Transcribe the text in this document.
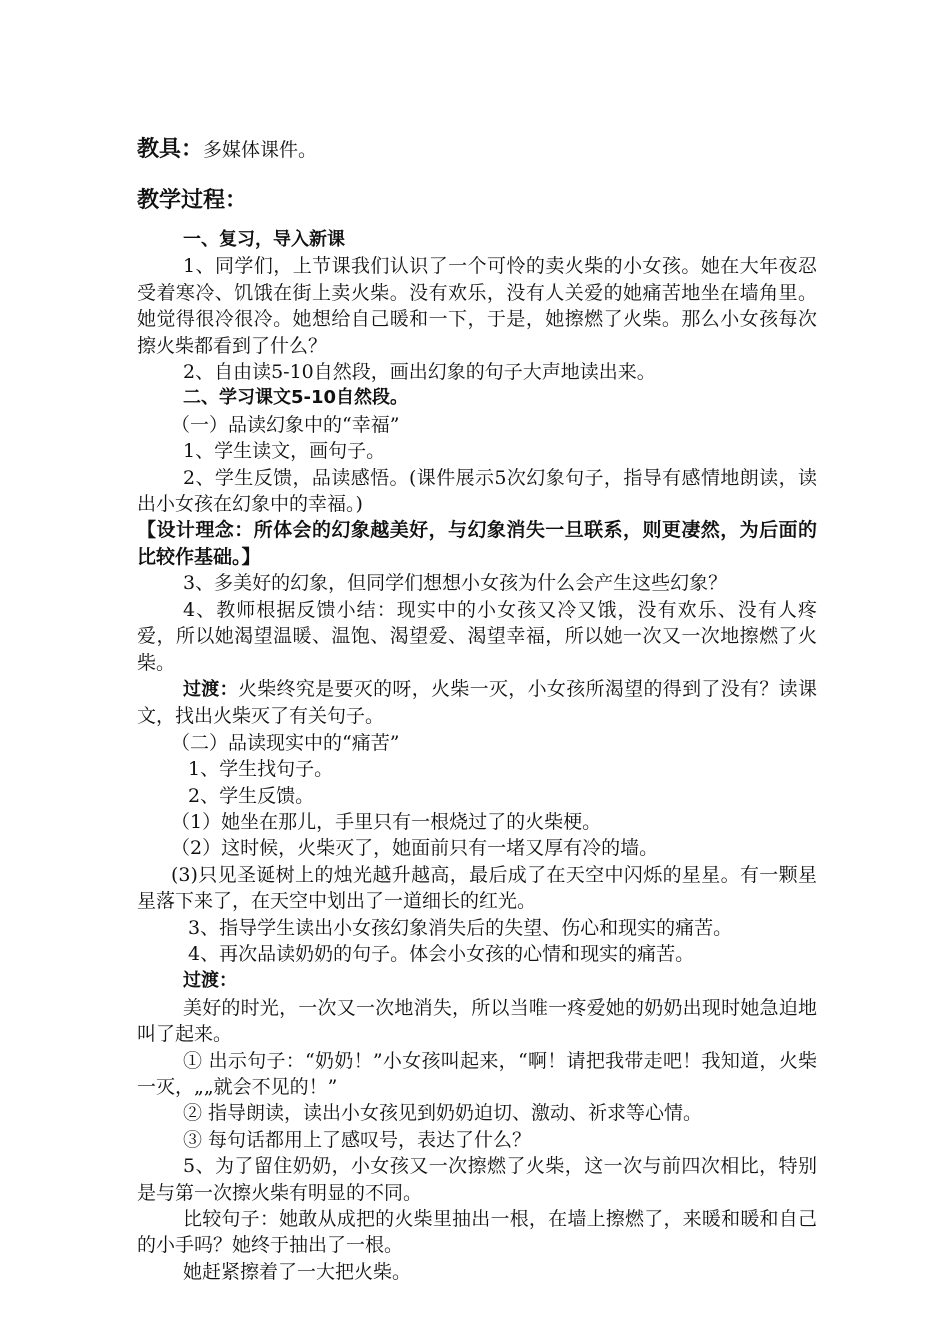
教具：多媒体课件。
教学过程：

一、复习，导入新课

1、同学们，上节课我们认识了一个可怜的卖火柴的小女孩。她在大年夜忍受着寒冷、饥饿在街上卖火柴。没有欢乐，没有人关爱的她痛苦地坐在墙角里。她觉得很冷很冷。她想给自己暖和一下，于是，她擦燃了火柴。那么小女孩每次擦火柴都看到了什么？

2、自由读5-10自然段，画出幻象的句子大声地读出来。

二、学习课文5-10自然段。

（一）品读幻象中的“幸福”

1、学生读文，画句子。

2、学生反馈，品读感悟。(课件展示5次幻象句子，指导有感情地朗读，读出小女孩在幻象中的幸福。)

【设计理念：所体会的幻象越美好，与幻象消失一旦联系，则更凄然，为后面的比较作基础。】

3、多美好的幻象，但同学们想想小女孩为什么会产生这些幻象？

4、教师根据反馈小结：现实中的小女孩又冷又饿，没有欢乐、没有人疼爱，所以她渴望温暖、温饱、渴望爱、渴望幸福，所以她一次又一次地擦燃了火柴。

过渡：火柴终究是要灭的呀，火柴一灭，小女孩所渴望的得到了没有？读课文，找出火柴灭了有关句子。

（二）品读现实中的“痛苦”

1、学生找句子。

2、学生反馈。

（1）她坐在那儿，手里只有一根烧过了的火柴梗。

（2）这时候，火柴灭了，她面前只有一堵又厚有冷的墙。

(3)只见圣诞树上的烛光越升越高，最后成了在天空中闪烁的星星。有一颗星星落下来了，在天空中划出了一道细长的红光。

3、指导学生读出小女孩幻象消失后的失望、伤心和现实的痛苦。

4、再次品读奶奶的句子。体会小女孩的心情和现实的痛苦。

过渡：

美好的时光，一次又一次地消失，所以当唯一疼爱她的奶奶出现时她急迫地叫了起来。

① 出示句子：“奶奶！”小女孩叫起来，“啊！请把我带走吧！我知道，火柴一灭，„„就会不见的！”

② 指导朗读，读出小女孩见到奶奶迫切、激动、祈求等心情。

③ 每句话都用上了感叹号，表达了什么？

5、为了留住奶奶，小女孩又一次擦燃了火柴，这一次与前四次相比，特别是与第一次擦火柴有明显的不同。

比较句子：她敢从成把的火柴里抽出一根，在墙上擦燃了，来暖和暖和自己的小手吗？她终于抽出了一根。

她赶紧擦着了一大把火柴。
